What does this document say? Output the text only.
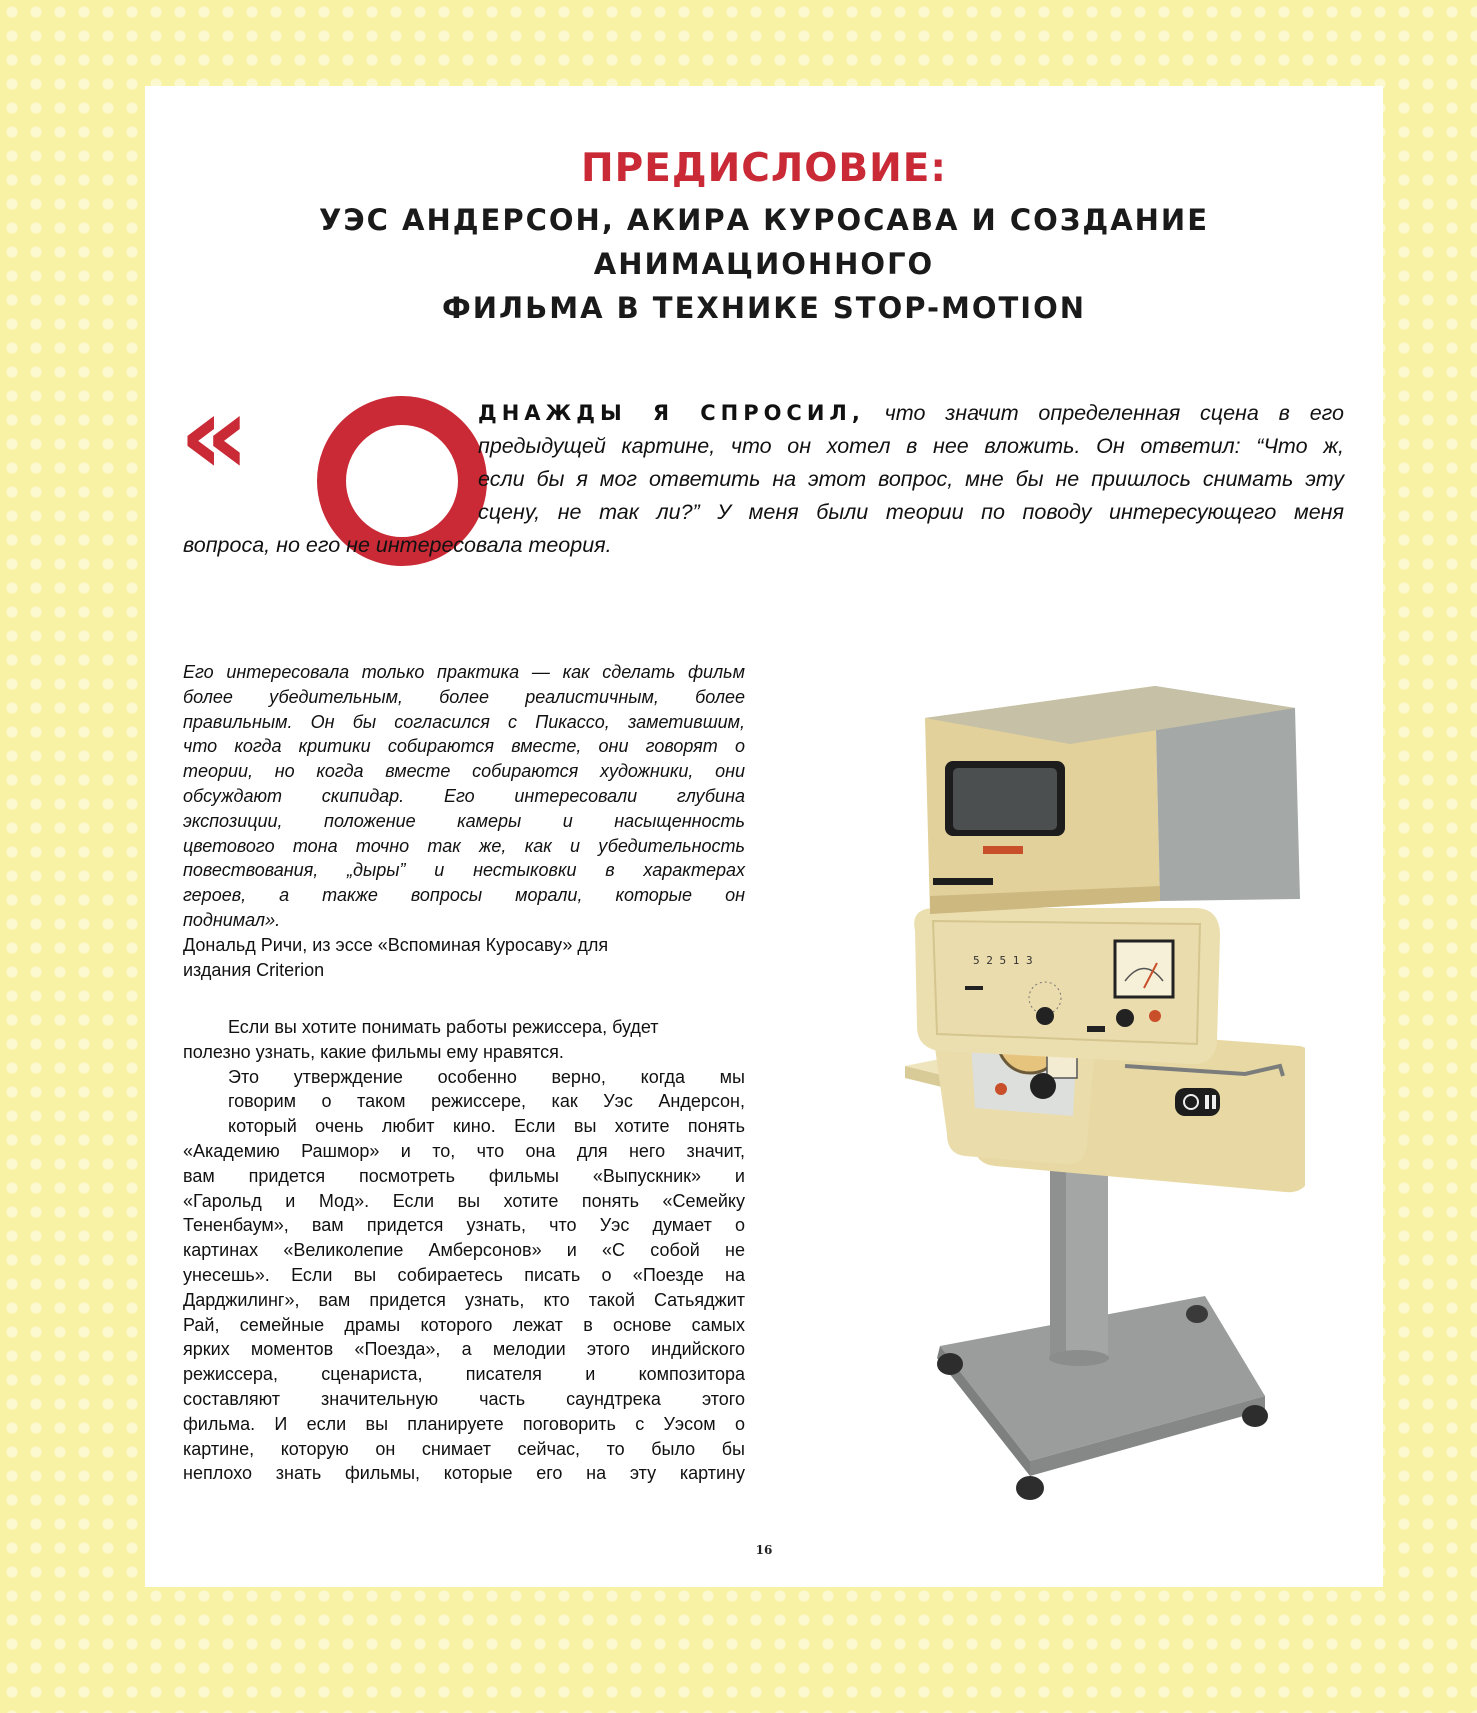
ПРЕДИСЛОВИЕ:
УЭС АНДЕРСОН, АКИРА КУРОСАВА И СОЗДАНИЕ АНИМАЦИОННОГО
ФИЛЬМА В ТЕХНИКЕ STOP-MOTION
«	ДНАЖДЫ Я СПРОСИЛ, что значит определенная сцена в его
предыдущей картине, что он хотел в нее вложить. Он ответил: “Что ж,
если бы я мог ответить на этот вопрос, мне бы не пришлось снимать эту
сцену, не так ли?” У меня были теории по поводу интересующего меня
вопроса, но его не интересовала теория.
Его интересовала только практика — как сделать фильм
более убедительным, более реалистичным, более
правильным. Он бы согласился с Пикассо, заметившим,
что когда критики собираются вместе, они говорят о
теории, но когда вместе собираются художники, они
обсуждают скипидар. Его интересовали глубина
экспозиции, положение камеры и насыщенность
цветового тона точно так же, как и убедительность
повествования, „дыры” и нестыковки в характерах
героев, а также вопросы морали, которые он
поднимал».
Дональд Ричи, из эссе «Вспоминая Куросаву» для
издания Criterion
Если вы хотите понимать работы режиссера, будет
полезно узнать, какие фильмы ему нравятся.
Это утверждение особенно верно, когда мы
говорим о таком режиссере, как Уэс Андерсон,
который очень любит кино. Если вы хотите понять
«Академию Рашмор» и то, что она для него значит,
вам придется посмотреть фильмы «Выпускник» и
«Гарольд и Мод». Если вы хотите понять «Семейку
Тененбаум», вам придется узнать, что Уэс думает о
картинах «Великолепие Амберсонов» и «С собой не
унесешь». Если вы собираетесь писать о «Поезде на
Дарджилинг», вам придется узнать, кто такой Сатьяджит
Рай, семейные драмы которого лежат в основе самых
ярких моментов «Поезда», а мелодии этого индийского
режиссера, сценариста, писателя и композитора
составляют значительную часть саундтрека этого
фильма. И если вы планируете поговорить с Уэсом о
картине, которую он снимает сейчас, то было бы
неплохо знать фильмы, которые его на эту картину
5 2 5 1 3
16
